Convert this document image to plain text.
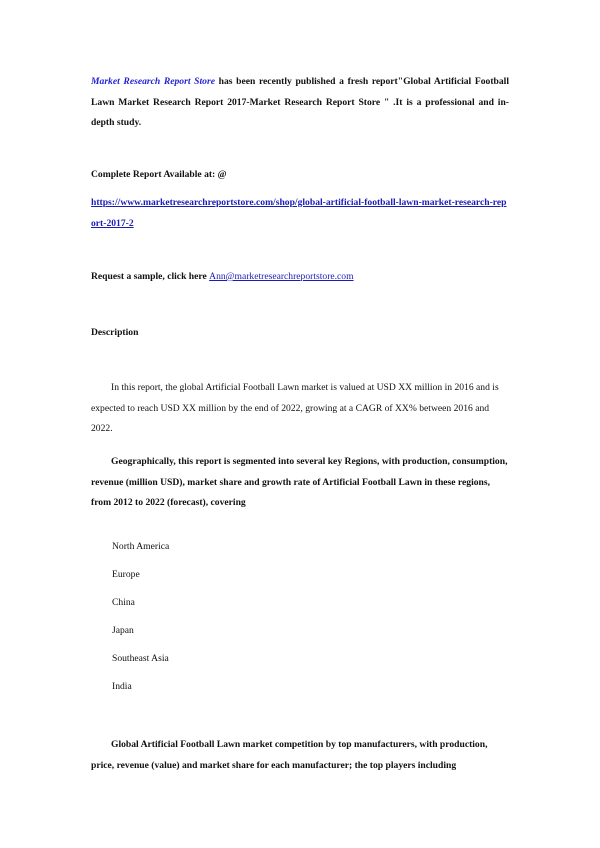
Market Research Report Store has been recently published a fresh report"Global Artificial Football Lawn Market Research Report 2017-Market Research Report Store " .It is a professional and in-depth study.

Complete Report Available at: @

https://www.marketresearchreportstore.com/shop/global-artificial-football-lawn-market-research-report-2017-2

Request a sample, click here Ann@marketresearchreportstore.com

Description

In this report, the global Artificial Football Lawn market is valued at USD XX million in 2016 and is expected to reach USD XX million by the end of 2022, growing at a CAGR of XX% between 2016 and 2022.

Geographically, this report is segmented into several key Regions, with production, consumption, revenue (million USD), market share and growth rate of Artificial Football Lawn in these regions, from 2012 to 2022 (forecast), covering

North America

Europe

China

Japan

Southeast Asia

India

Global Artificial Football Lawn market competition by top manufacturers, with production, price, revenue (value) and market share for each manufacturer; the top players including
